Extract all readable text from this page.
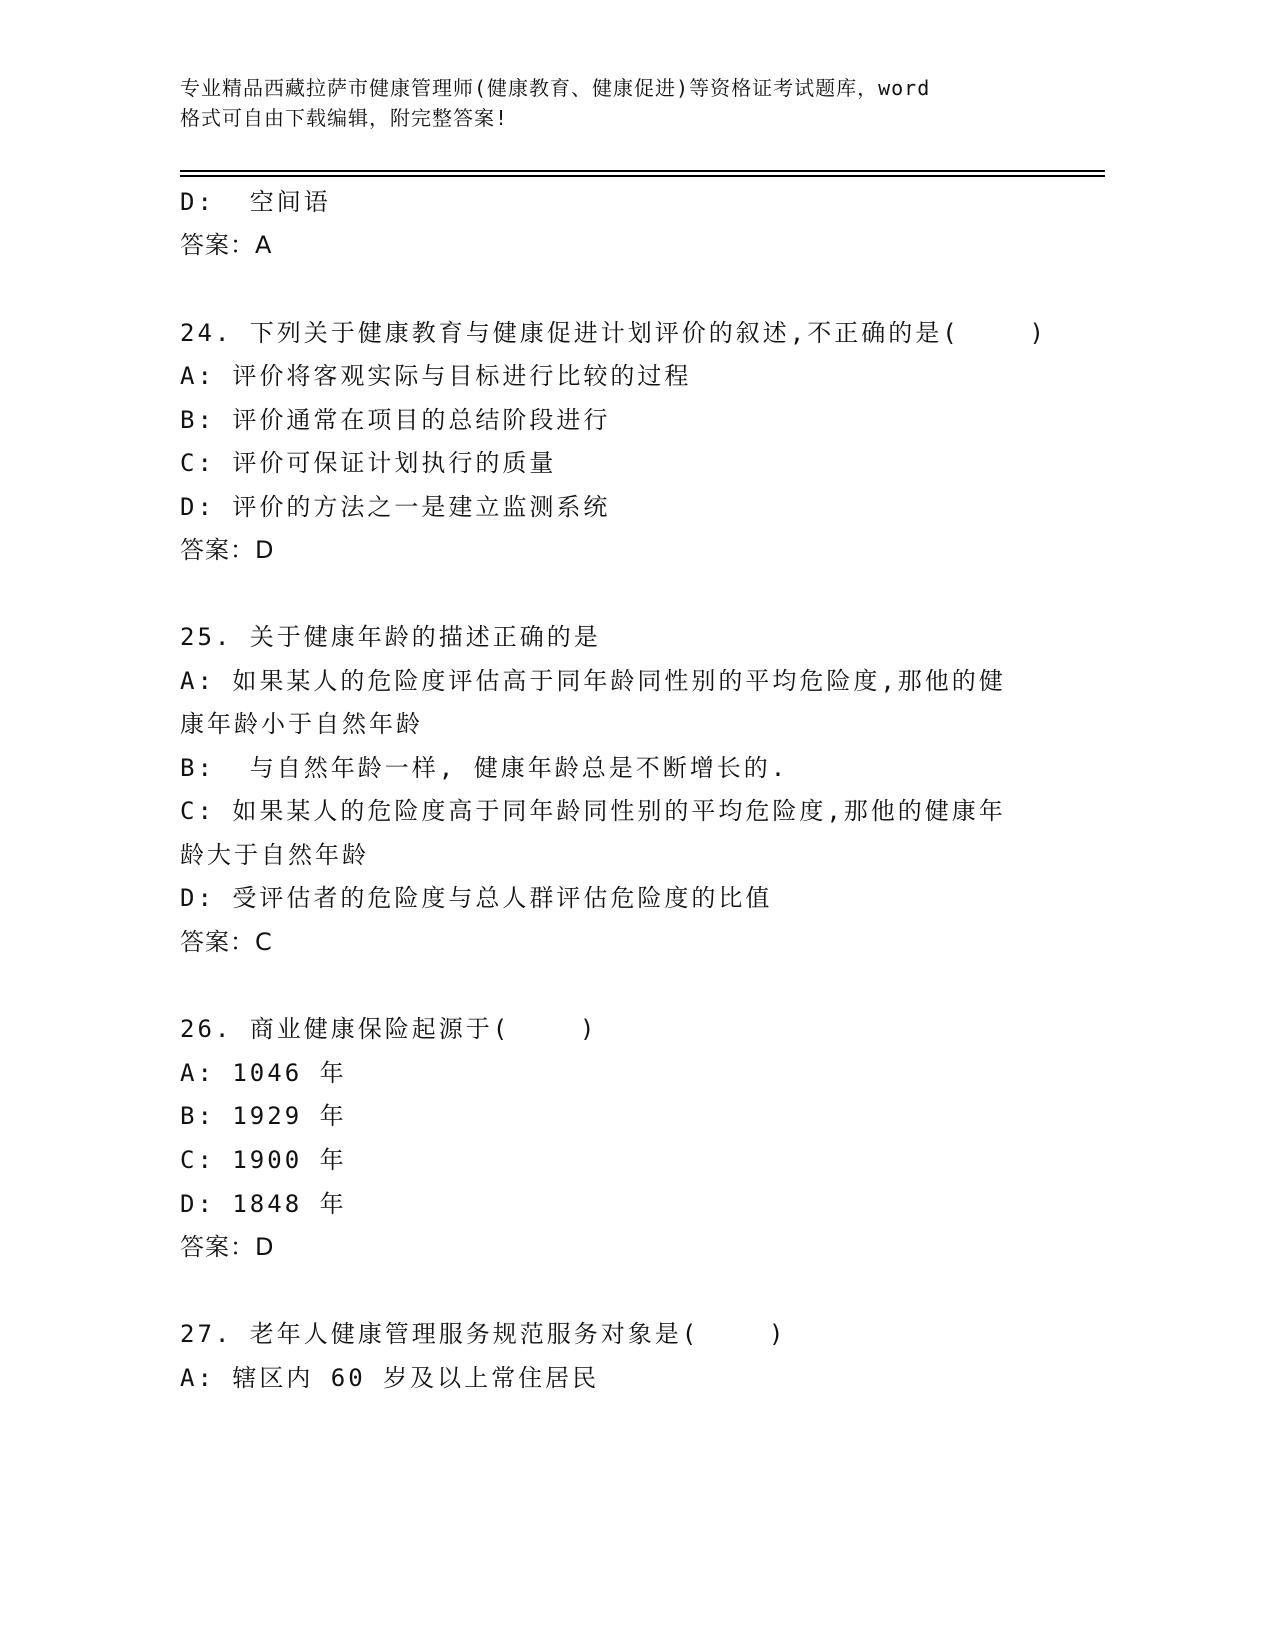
专业精品西藏拉萨市健康管理师(健康教育、健康促进)等资格证考试题库，word
格式可自由下载编辑，附完整答案!
D:  空间语
答案：A
24. 下列关于健康教育与健康促进计划评价的叙述,不正确的是(    )
A: 评价将客观实际与目标进行比较的过程
B: 评价通常在项目的总结阶段进行
C: 评价可保证计划执行的质量
D: 评价的方法之一是建立监测系统
答案：D
25. 关于健康年龄的描述正确的是
A: 如果某人的危险度评估高于同年龄同性别的平均危险度,那他的健
康年龄小于自然年龄
B:  与自然年龄一样, 健康年龄总是不断增长的.
C: 如果某人的危险度高于同年龄同性别的平均危险度,那他的健康年
龄大于自然年龄
D: 受评估者的危险度与总人群评估危险度的比值
答案：C
26. 商业健康保险起源于(    )
A: 1046 年
B: 1929 年
C: 1900 年
D: 1848 年
答案：D
27. 老年人健康管理服务规范服务对象是(    )
A: 辖区内 60 岁及以上常住居民
